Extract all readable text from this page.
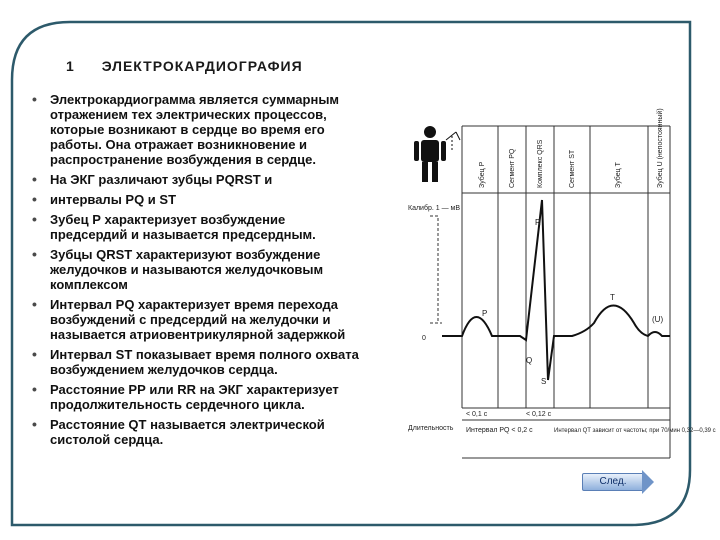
1 ЭЛЕКТРОКАРДИОГРАФИЯ
• Электрокардиограмма является суммарным
отражением тех электрических процессов,
которые возникают в сердце во время его
работы. Она отражает возникновение и
распространение возбуждения в сердце.
• На ЭКГ различают зубцы PQRST и
• интервалы PQ и ST
• Зубец Р характеризует возбуждение
предсердий и называется предсердным.
• Зубцы QRST характеризуют возбуждение
желудочков и называются желудочковым
комплексом
• Интервал PQ характеризует время перехода
возбуждений с предсердий на желудочки и
называется атриовентрикулярной задержкой
• Интервал ST показывает время полного охвата
возбуждением желудочков сердца.
• Расстояние РР или RR на ЭКГ характеризует
продолжительность сердечного цикла.
• Расстояние QT называется электрической
систолой сердца.
Зубец P	Сегмент PQ	Комплекс QRS	Сегмент ST	Зубец T	Зубец U (непостоянный)
Калибр. 1 — мВ
0
P
R
Q
S
T
(U)
Длительность
< 0,1 с	< 0,12 с
Интервал PQ < 0,2 с	Интервал QT зависит от частоты; при 70/мин 0,32—0,39 с
След.
